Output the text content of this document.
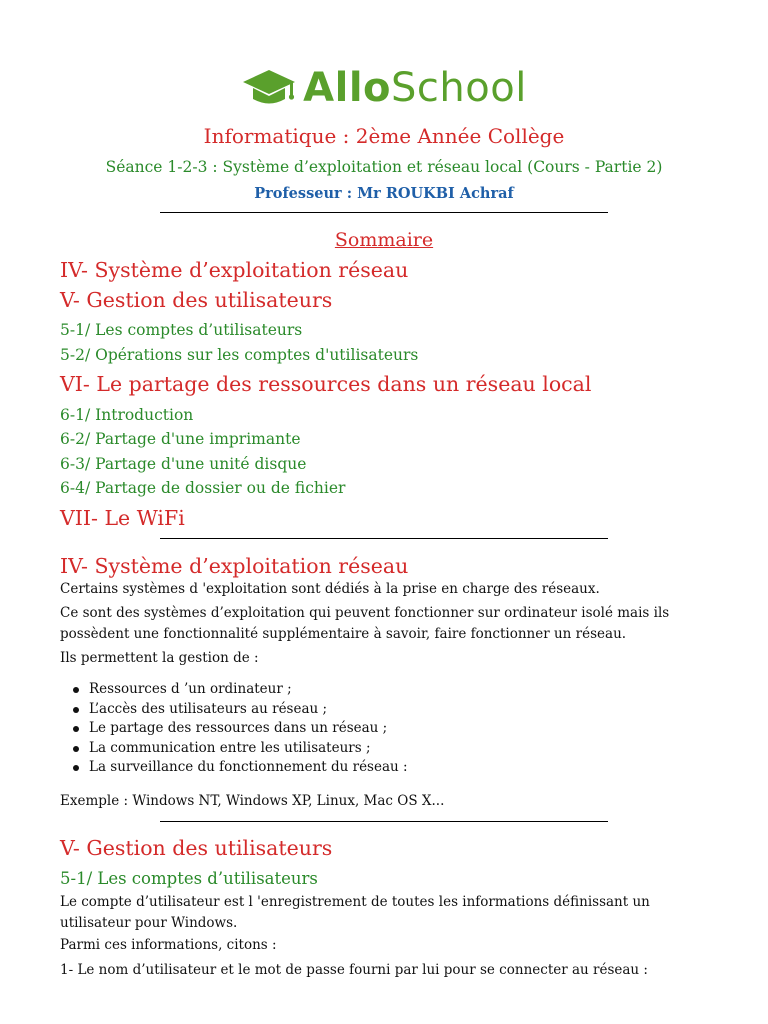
AlloSchool
Informatique : 2ème Année Collège
Séance 1-2-3 : Système d’exploitation et réseau local (Cours - Partie 2)
Professeur : Mr ROUKBI Achraf
Sommaire
IV- Système d’exploitation réseau
V- Gestion des utilisateurs
5-1/ Les comptes d’utilisateurs
5-2/ Opérations sur les comptes d'utilisateurs
VI- Le partage des ressources dans un réseau local
6-1/ Introduction
6-2/ Partage d'une imprimante
6-3/ Partage d'une unité disque
6-4/ Partage de dossier ou de fichier
VII- Le WiFi
IV- Système d’exploitation réseau
Certains systèmes d 'exploitation sont dédiés à la prise en charge des réseaux.
Ce sont des systèmes d’exploitation qui peuvent fonctionner sur ordinateur isolé mais ils possèdent une fonctionnalité supplémentaire à savoir, faire fonctionner un réseau.
Ils permettent la gestion de :
Ressources d ’un ordinateur ;
L’accès des utilisateurs au réseau ;
Le partage des ressources dans un réseau ;
La communication entre les utilisateurs ;
La surveillance du fonctionnement du réseau :
Exemple : Windows NT, Windows XP, Linux, Mac OS X...
V- Gestion des utilisateurs
5-1/ Les comptes d’utilisateurs
Le compte d’utilisateur est l 'enregistrement de toutes les informations définissant un utilisateur pour Windows.
Parmi ces informations, citons :
1- Le nom d’utilisateur et le mot de passe fourni par lui pour se connecter au réseau :
